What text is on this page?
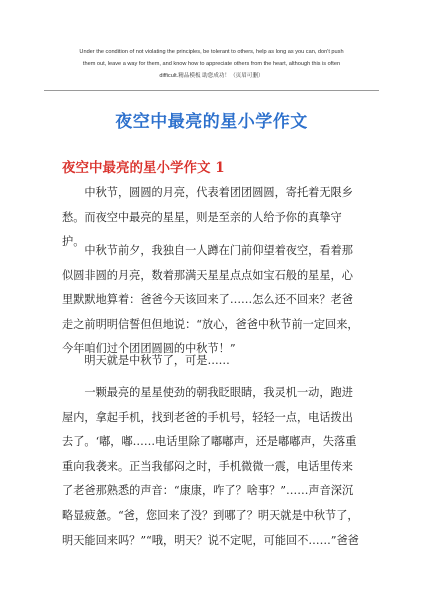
Under the condition of not violating the principles, be tolerant to others, help as long as you can, don't push
them out, leave a way for them, and know how to appreciate others from the heart, although this is often
difficult.精品模板 助您成功！（页眉可删）
夜空中最亮的星小学作文
夜空中最亮的星小学作文 1

中秋节，圆圆的月亮，代表着团团圆圆，寄托着无限乡愁。而夜空中最亮的星星，则是至亲的人给予你的真挚守护。

中秋节前夕，我独自一人蹲在门前仰望着夜空，看着那似圆非圆的月亮，数着那满天星星点点如宝石般的星星，心里默默地算着：爸爸今天该回来了……怎么还不回来？老爸走之前明明信誓但但地说：“放心，爸爸中秋节前一定回来，今年咱们过个团团圆圆的中秋节！”

明天就是中秋节了，可是……

一颗最亮的星星使劲的朝我眨眼睛，我灵机一动，跑进屋内，拿起手机，找到老爸的手机号，轻轻一点，电话拨出去了。‘嘟，嘟……电话里除了嘟嘟声，还是嘟嘟声，失落重重向我袭来。正当我郁闷之时，手机微微一震，电话里传来了老爸那熟悉的声音：“康康，咋了？啥事？”……声音深沉略显疲惫。“爸，您回来了没？到哪了？明天就是中秋节了，明天能回来吗？”“哦，明天？说不定呢，可能回不……”爸爸
